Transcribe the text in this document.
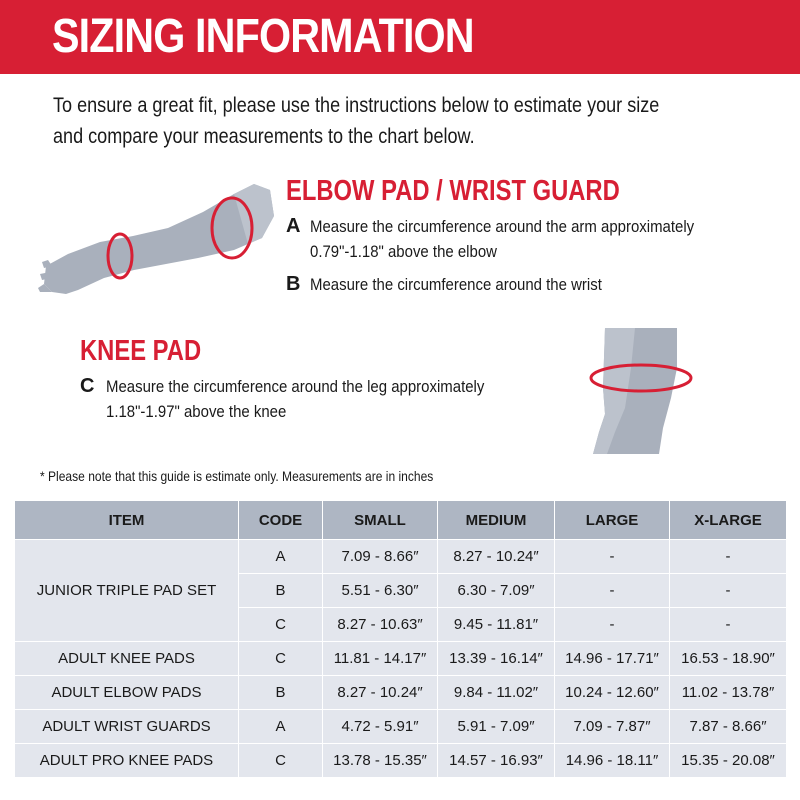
SIZING INFORMATION
To ensure a great fit, please use the instructions below to estimate your size
and compare your measurements to the chart below.
ELBOW PAD / WRIST GUARD
A Measure the circumference around the arm approximately
0.79"-1.18" above the elbow
B Measure the circumference around the wrist
KNEE PAD
C Measure the circumference around the leg approximately
1.18"-1.97" above the knee
* Please note that this guide is estimate only. Measurements are in inches
ITEM	CODE	SMALL	MEDIUM	LARGE	X-LARGE
JUNIOR TRIPLE PAD SET	A	7.09 - 8.66″	8.27 - 10.24″	-	-
	B	5.51 - 6.30″	6.30 - 7.09″	-	-
	C	8.27 - 10.63″	9.45 - 11.81″	-	-
ADULT KNEE PADS	C	11.81 - 14.17″	13.39 - 16.14″	14.96 - 17.71″	16.53 - 18.90″
ADULT ELBOW PADS	B	8.27 - 10.24″	9.84 - 11.02″	10.24 - 12.60″	11.02 - 13.78″
ADULT WRIST GUARDS	A	4.72 - 5.91″	5.91 - 7.09″	7.09 - 7.87″	7.87 - 8.66″
ADULT PRO KNEE PADS	C	13.78 - 15.35″	14.57 - 16.93″	14.96 - 18.11″	15.35 - 20.08″
